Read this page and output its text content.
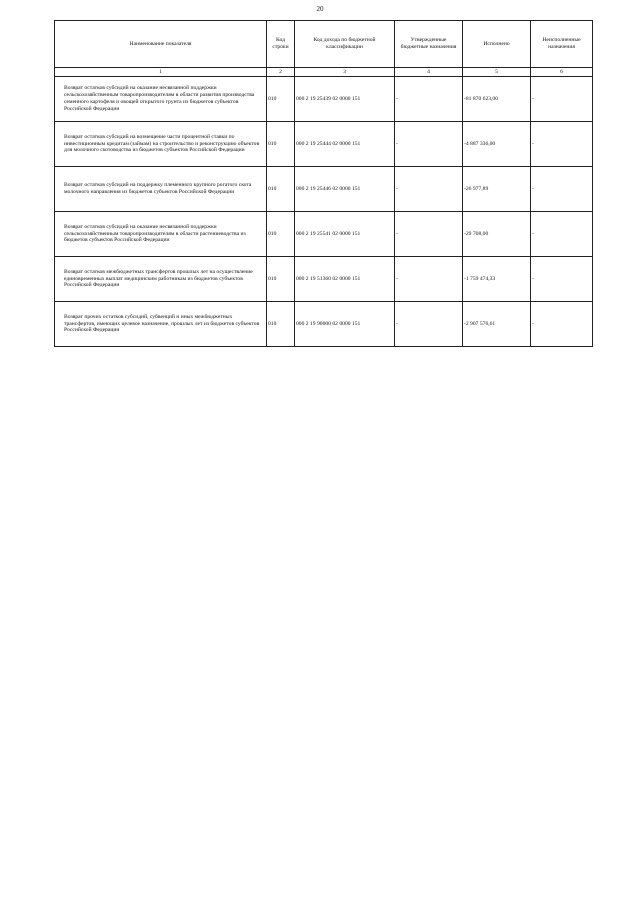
20
Наименование показателя	Код строки	Код дохода по бюджетной классификации	Утвержденные бюджетные назначения	Исполнено	Неисполненные назначения
1	2	3	4	5	6
Возврат остатков субсидий на оказание несвязанной поддержки сельскохозяйственным товаропроизводителям в области развития производства семенного картофеля и овощей открытого грунта из бюджетов субъектов Российской Федерации	010	000 2 19 25439 02 0000 151	-	-81 870 623,00	-
Возврат остатков субсидий на возмещение части процентной ставки по инвестиционным кредитам (займам) на строительство и реконструкцию объектов для молочного скотоводства из бюджетов субъектов Российской Федерации	010	000 2 19 25444 02 0000 151	-	-4 887 336,00	-
Возврат остатков субсидий на поддержку племенного крупного рогатого скота молочного направления из бюджетов субъектов Российской Федерации	010	000 2 19 25446 02 0000 151	-	-26 977,89	-
Возврат остатков субсидий на оказание несвязанной поддержки сельскохозяйственным товаропроизводителям в области растениеводства из бюджетов субъектов Российской Федерации	010	000 2 19 25541 02 0000 151	-	-29 708,00	-
Возврат остатков межбюджетных трансфертов прошлых лет на осуществление единовременных выплат медицинским работникам из бюджетов субъектов Российской Федерации	010	000 2 19 51360 02 0000 151	-	-1 759 474,33	-
Возврат прочих остатков субсидий, субвенций и иных межбюджетных трансфертов, имеющих целевое назначение, прошлых лет из бюджетов субъектов Российской Федерации	010	000 2 19 90000 02 0000 151	-	-2 907 576,61	-
